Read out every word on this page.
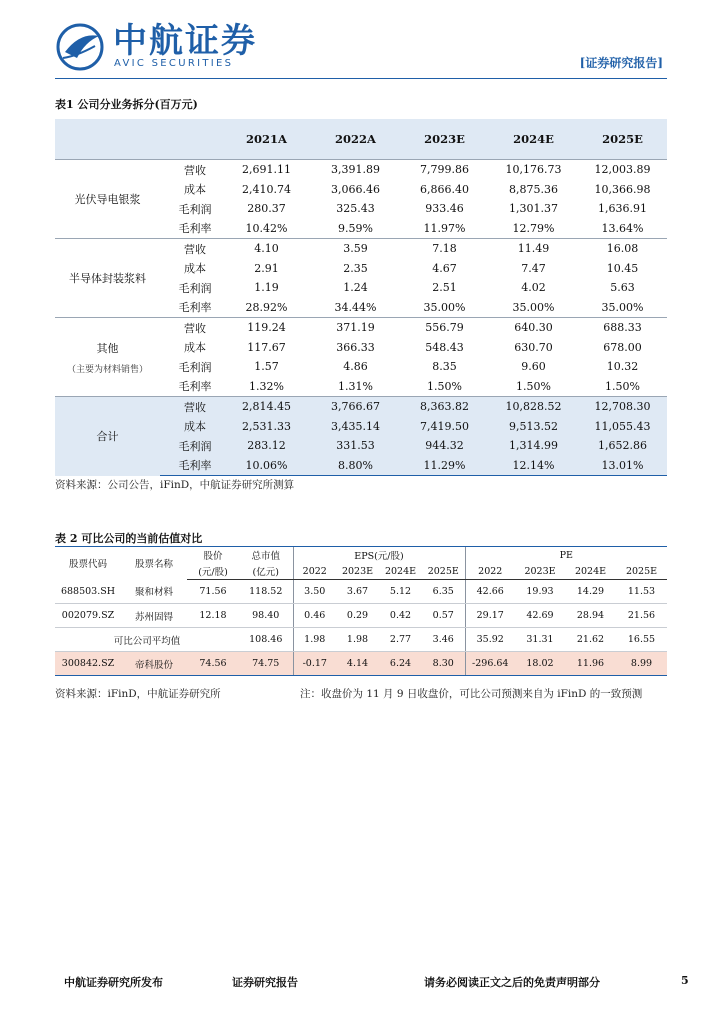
中航证券
AVIC SECURITIES	[证券研究报告]
表1 公司分业务拆分(百万元)
		2021A	2022A	2023E	2024E	2025E
光伏导电银浆	营收	2,691.11	3,391.89	7,799.86	10,176.73	12,003.89
	成本	2,410.74	3,066.46	6,866.40	8,875.36	10,366.98
	毛利润	280.37	325.43	933.46	1,301.37	1,636.91
	毛利率	10.42%	9.59%	11.97%	12.79%	13.64%
半导体封装浆料	营收	4.10	3.59	7.18	11.49	16.08
	成本	2.91	2.35	4.67	7.47	10.45
	毛利润	1.19	1.24	2.51	4.02	5.63
	毛利率	28.92%	34.44%	35.00%	35.00%	35.00%
其他
（主要为材料销售）	营收	119.24	371.19	556.79	640.30	688.33
	成本	117.67	366.33	548.43	630.70	678.00
	毛利润	1.57	4.86	8.35	9.60	10.32
	毛利率	1.32%	1.31%	1.50%	1.50%	1.50%
合计	营收	2,814.45	3,766.67	8,363.82	10,828.52	12,708.30
	成本	2,531.33	3,435.14	7,419.50	9,513.52	11,055.43
	毛利润	283.12	331.53	944.32	1,314.99	1,652.86
	毛利率	10.06%	8.80%	11.29%	12.14%	13.01%
资料来源：公司公告，iFinD，中航证券研究所测算
表 2 可比公司的当前估值对比
股票代码	股票名称	股价	总市值	EPS(元/股)				PE			
		(元/股)	(亿元)	2022	2023E	2024E	2025E	2022	2023E	2024E	2025E
688503.SH	聚和材料	71.56	118.52	3.50	3.67	5.12	6.35	42.66	19.93	14.29	11.53
002079.SZ	苏州固锝	12.18	98.40	0.46	0.29	0.42	0.57	29.17	42.69	28.94	21.56
可比公司平均值			108.46	1.98	1.98	2.77	3.46	35.92	31.31	21.62	16.55
300842.SZ	帝科股份	74.56	74.75	-0.17	4.14	6.24	8.30	-296.64	18.02	11.96	8.99
资料来源：iFinD，中航证券研究所	注：收盘价为 11 月 9 日收盘价，可比公司预测来自为 iFinD 的一致预测
中航证券研究所发布	证券研究报告	请务必阅读正文之后的免责声明部分	5
